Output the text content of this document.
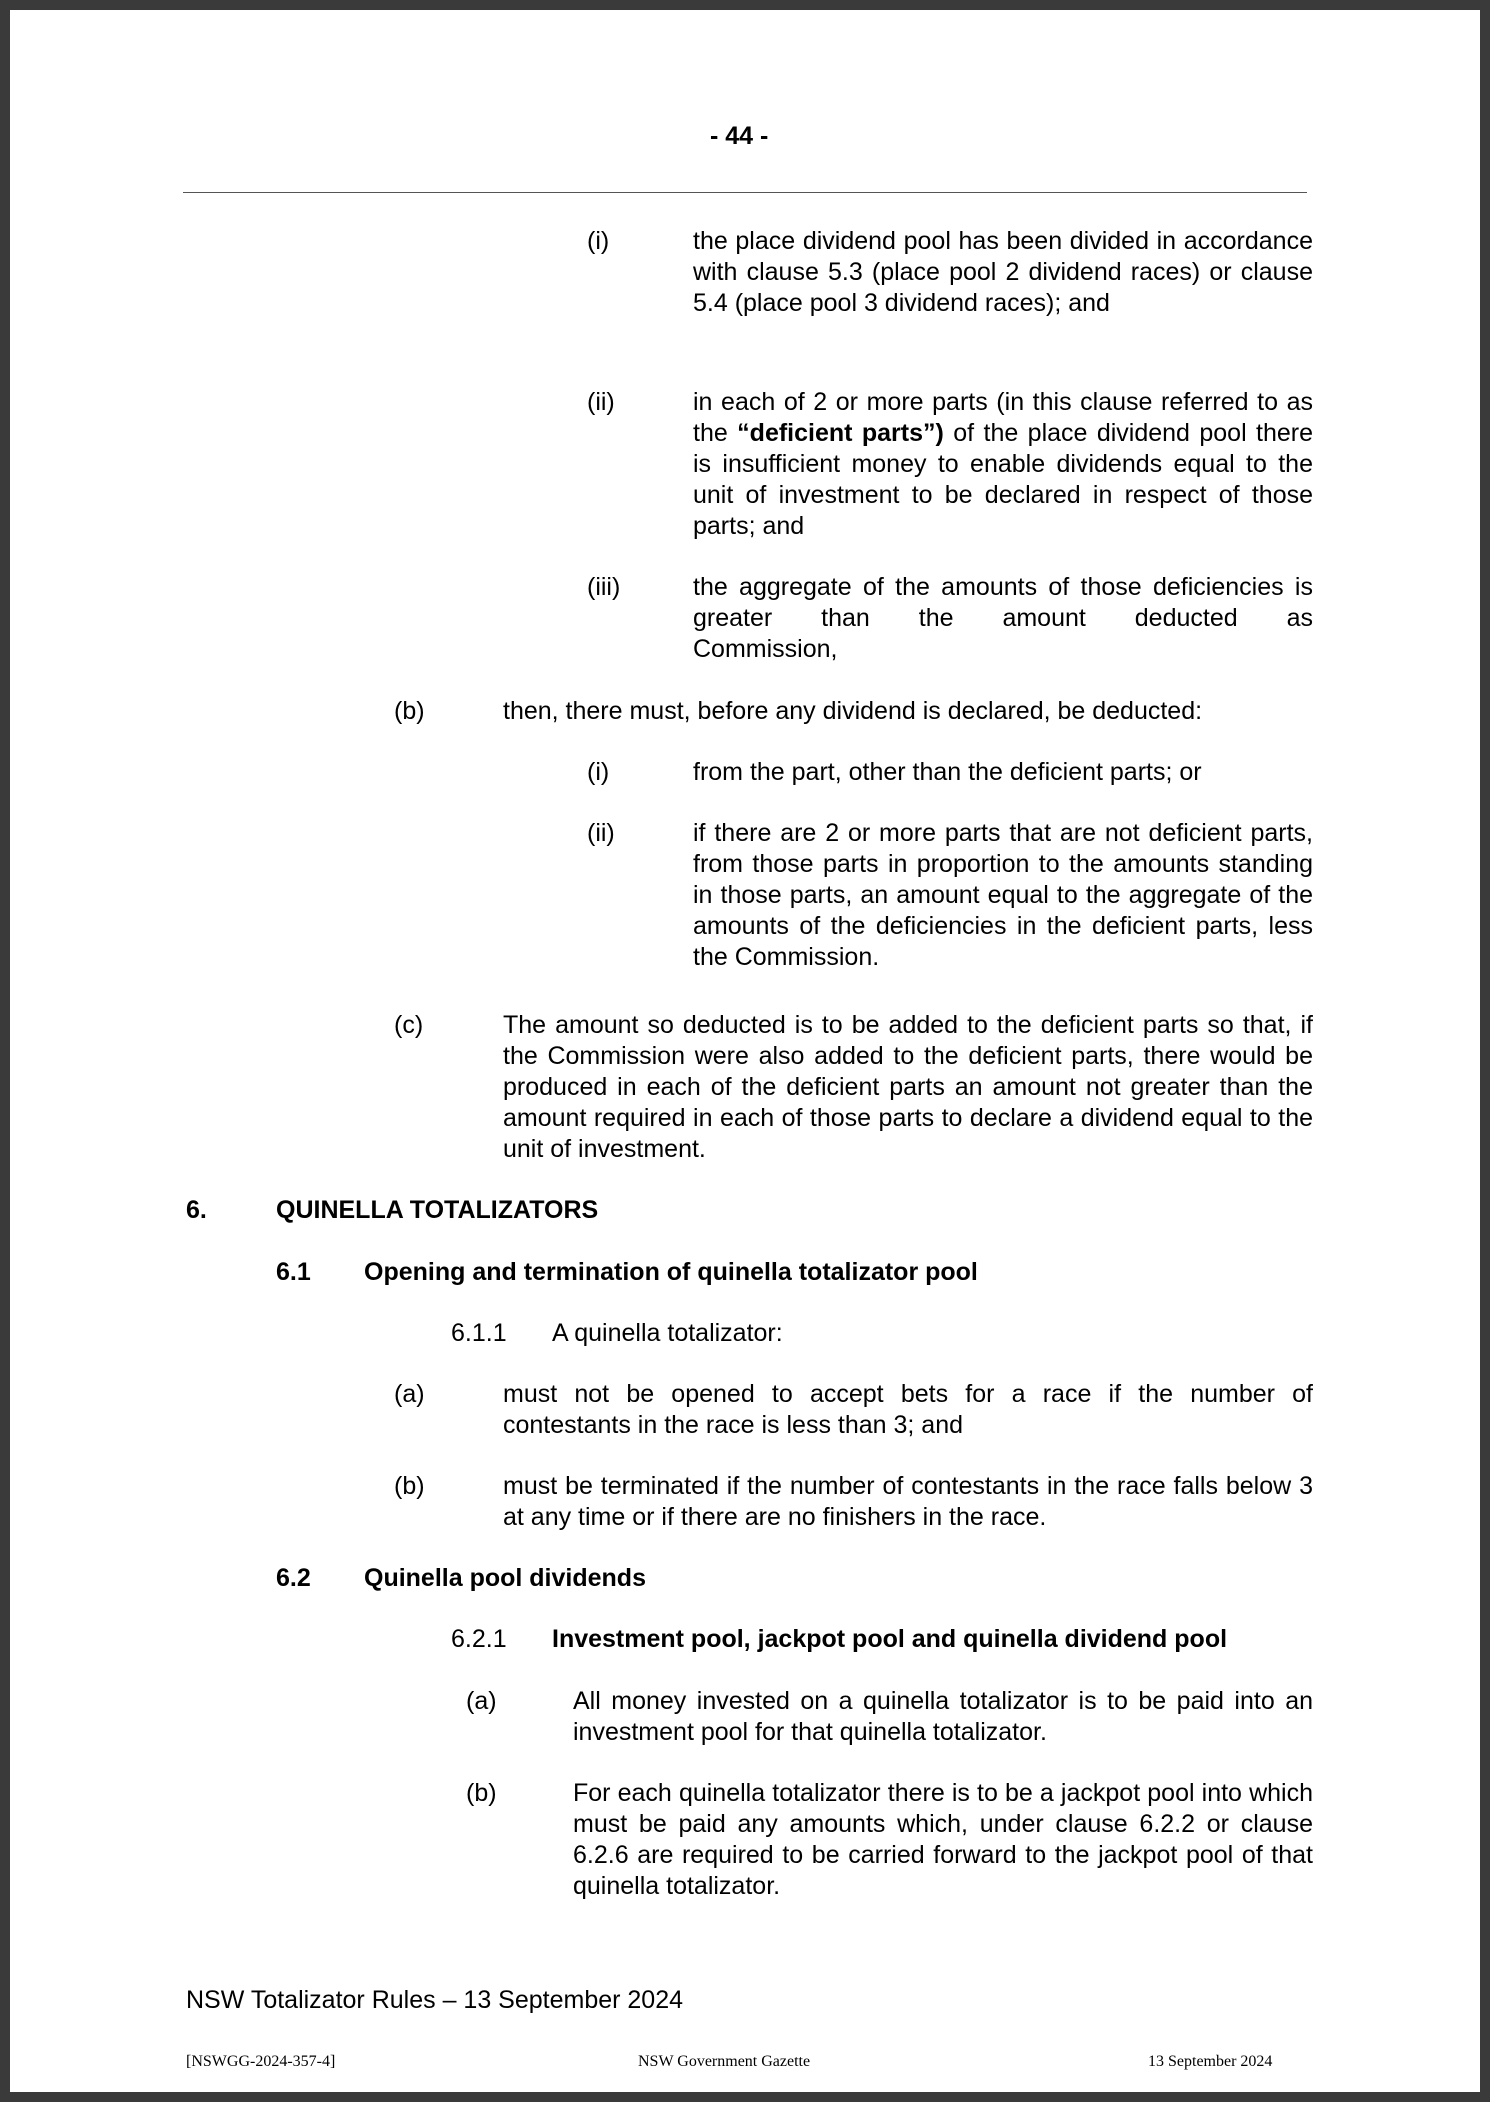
- 44 -
(i)	the place dividend pool has been divided in accordance with clause 5.3 (place pool 2 dividend races) or clause 5.4 (place pool 3 dividend races); and
(ii)	in each of 2 or more parts (in this clause referred to as the “deficient parts”) of the place dividend pool there is insufficient money to enable dividends equal to the unit of investment to be declared in respect of those parts; and
(iii)	the aggregate of the amounts of those deficiencies is greater than the amount deducted as
Commission,
(b)	then, there must, before any dividend is declared, be deducted:
(i)	from the part, other than the deficient parts; or
(ii)	if there are 2 or more parts that are not deficient parts, from those parts in proportion to the amounts standing in those parts, an amount equal to the aggregate of the amounts of the deficiencies in the deficient parts, less the Commission.
(c)	The amount so deducted is to be added to the deficient parts so that, if the Commission were also added to the deficient parts, there would be produced in each of the deficient parts an amount not greater than the amount required in each of those parts to declare a dividend equal to the unit of investment.
6.	QUINELLA TOTALIZATORS
6.1 Opening and termination of quinella totalizator pool
6.1.1 A quinella totalizator:
(a)	must not be opened to accept bets for a race if the number of contestants in the race is less than 3; and
(b)	must be terminated if the number of contestants in the race falls below 3 at any time or if there are no finishers in the race.
6.2 Quinella pool dividends
6.2.1 Investment pool, jackpot pool and quinella dividend pool
(a)	All money invested on a quinella totalizator is to be paid into an investment pool for that quinella totalizator.
(b)	For each quinella totalizator there is to be a jackpot pool into which must be paid any amounts which, under clause 6.2.2 or clause 6.2.6 are required to be carried forward to the jackpot pool of that quinella totalizator.
NSW Totalizator Rules – 13 September 2024
[NSWGG-2024-357-4]	NSW Government Gazette	13 September 2024
